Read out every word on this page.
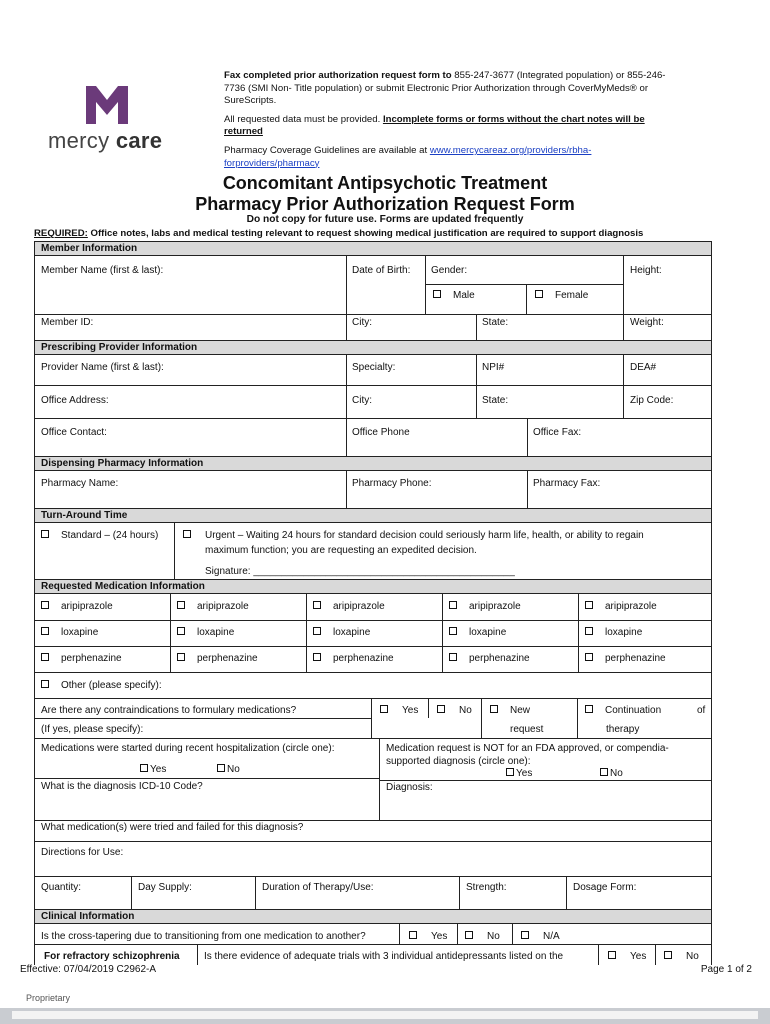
mercy care

Fax completed prior authorization request form to 855-247-3677 (Integrated population) or 855-246-
7736 (SMI Non- Title population) or submit Electronic Prior Authorization through CoverMyMeds® or
SureScripts.

All requested data must be provided. Incomplete forms or forms without the chart notes will be
returned

Pharmacy Coverage Guidelines are available at www.mercycareaz.org/providers/rbha-
forproviders/pharmacy

Concomitant Antipsychotic Treatment
Pharmacy Prior Authorization Request Form
Do not copy for future use. Forms are updated frequently
REQUIRED: Office notes, labs and medical testing relevant to request showing medical justification are required to support diagnosis
Member Information
Member Name (first & last):	Date of Birth: Gender:	Height:
Male	Female
Member ID:	City:	State:	Weight:
Prescribing Provider Information
Provider Name (first & last):	Specialty:	NPI#	DEA#
Office Address:	City:	State:	Zip Code:
Office Contact:	Office Phone	Office Fax:
Dispensing Pharmacy Information
Pharmacy Name:	Pharmacy Phone:	Pharmacy Fax:
Turn-Around Time
Standard – (24 hours)	Urgent – Waiting 24 hours for standard decision could seriously harm life, health, or ability to regain
maximum function; you are requesting an expedited decision.
Signature: _______________________________________________
Requested Medication Information
aripiprazole	aripiprazole	aripiprazole	aripiprazole	aripiprazole
loxapine	loxapine	loxapine	loxapine	loxapine
perphenazine	perphenazine	perphenazine	perphenazine	perphenazine
Other (please specify):
Are there any contraindications to formulary medications?	Yes	No	New
request
Continuation	of
therapy
(If yes, please specify):
Medications were started during recent hospitalization (circle one):
Yes	No
Medication request is NOT for an FDA approved, or compendia-
supported diagnosis (circle one):
Yes	No
What is the diagnosis ICD-10 Code?	Diagnosis:
What medication(s) were tried and failed for this diagnosis?
Directions for Use:
Quantity:	Day Supply:	Duration of Therapy/Use:	Strength:	Dosage Form:
Clinical Information
Is the cross-tapering due to transitioning from one medication to another?	Yes	No	N/A
For refractory schizophrenia Is there evidence of adequate trials with 3 individual antidepressants listed on the	Yes	No
Effective: 07/04/2019 C2962-A	Page 1 of 2
Proprietary
